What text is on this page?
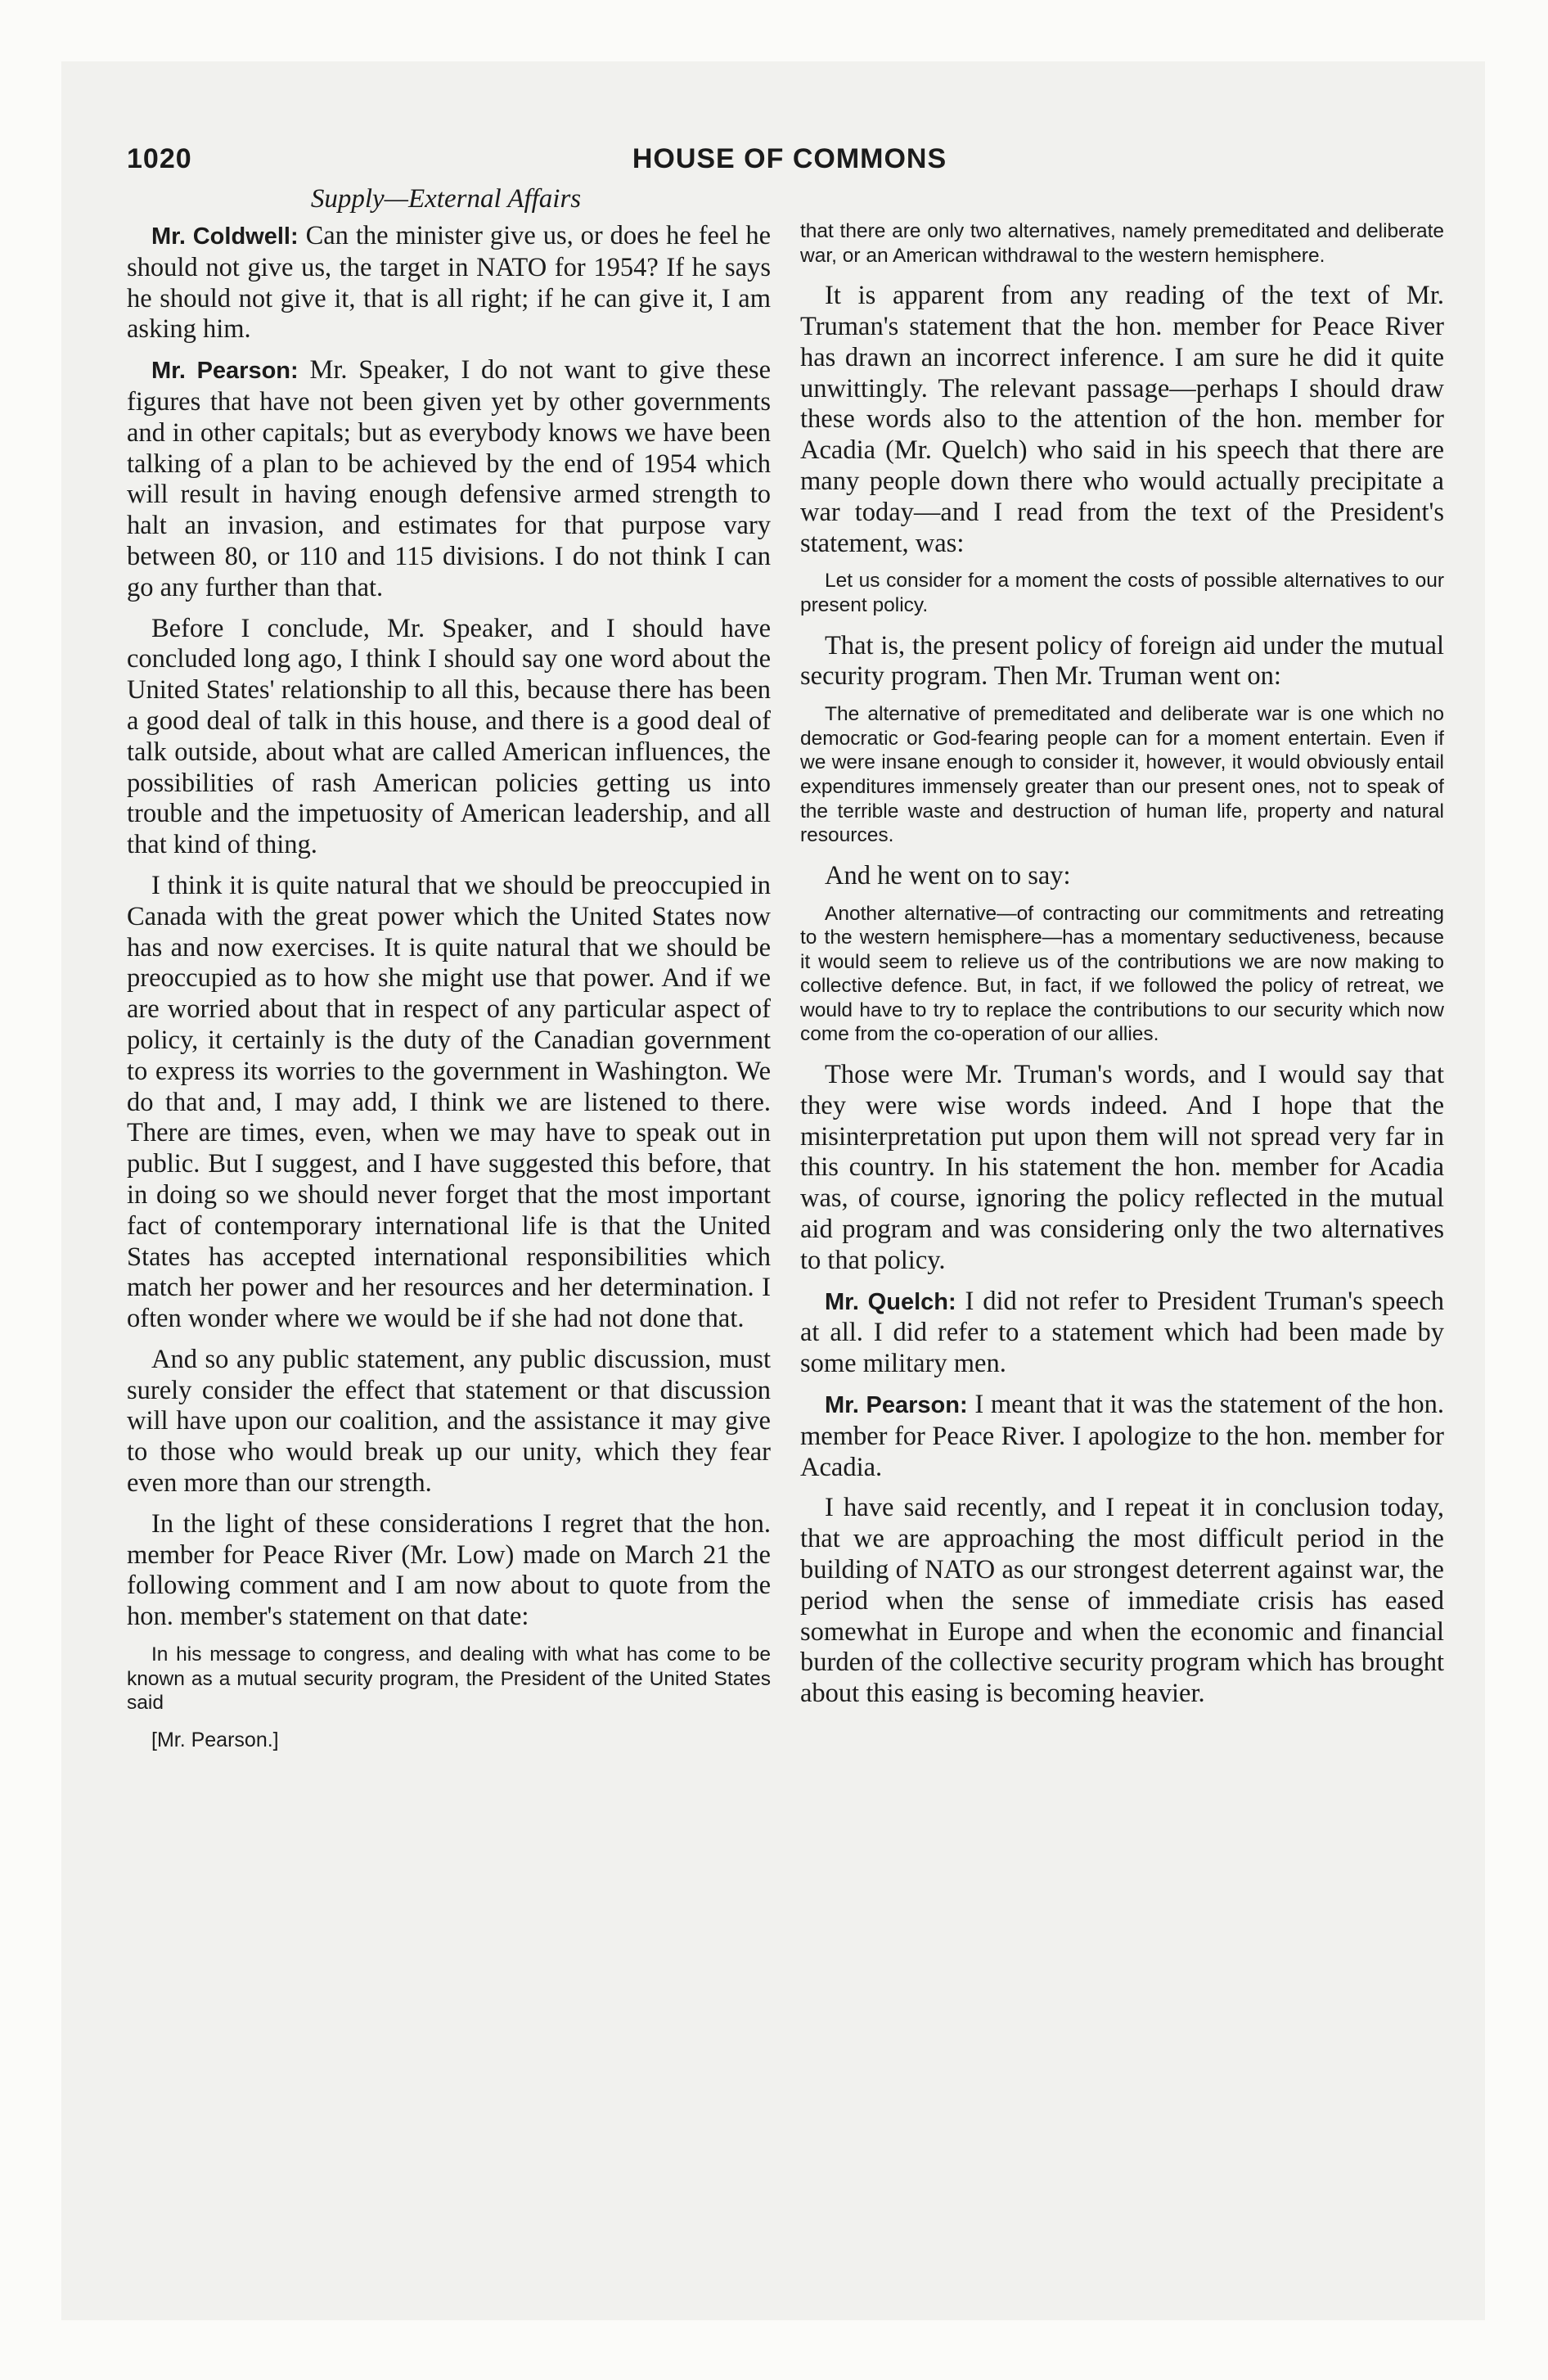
1020	HOUSE OF COMMONS
Supply—External Affairs

Mr. Coldwell: Can the minister give us, or does he feel he should not give us, the target in NATO for 1954? If he says he should not give it, that is all right; if he can give it, I am asking him.

Mr. Pearson: Mr. Speaker, I do not want to give these figures that have not been given yet by other governments and in other capitals; but as everybody knows we have been talking of a plan to be achieved by the end of 1954 which will result in having enough defensive armed strength to halt an invasion, and estimates for that purpose vary between 80, or 110 and 115 divisions. I do not think I can go any further than that.

Before I conclude, Mr. Speaker, and I should have concluded long ago, I think I should say one word about the United States' relationship to all this, because there has been a good deal of talk in this house, and there is a good deal of talk outside, about what are called American influences, the possibilities of rash American policies getting us into trouble and the impetuosity of American leadership, and all that kind of thing.

I think it is quite natural that we should be preoccupied in Canada with the great power which the United States now has and now exercises. It is quite natural that we should be preoccupied as to how she might use that power. And if we are worried about that in respect of any particular aspect of policy, it certainly is the duty of the Canadian government to express its worries to the government in Washington. We do that and, I may add, I think we are listened to there. There are times, even, when we may have to speak out in public. But I suggest, and I have suggested this before, that in doing so we should never forget that the most important fact of contemporary international life is that the United States has accepted international responsibilities which match her power and her resources and her determination. I often wonder where we would be if she had not done that.

And so any public statement, any public discussion, must surely consider the effect that statement or that discussion will have upon our coalition, and the assistance it may give to those who would break up our unity, which they fear even more than our strength.

In the light of these considerations I regret that the hon. member for Peace River (Mr. Low) made on March 21 the following comment and I am now about to quote from the hon. member's statement on that date:

In his message to congress, and dealing with what has come to be known as a mutual security program, the President of the United States said

[Mr. Pearson.]

that there are only two alternatives, namely premeditated and deliberate war, or an American withdrawal to the western hemisphere.

It is apparent from any reading of the text of Mr. Truman's statement that the hon. member for Peace River has drawn an incorrect inference. I am sure he did it quite unwittingly. The relevant passage—perhaps I should draw these words also to the attention of the hon. member for Acadia (Mr. Quelch) who said in his speech that there are many people down there who would actually precipitate a war today—and I read from the text of the President's statement, was:

Let us consider for a moment the costs of possible alternatives to our present policy.

That is, the present policy of foreign aid under the mutual security program. Then Mr. Truman went on:

The alternative of premeditated and deliberate war is one which no democratic or God-fearing people can for a moment entertain. Even if we were insane enough to consider it, however, it would obviously entail expenditures immensely greater than our present ones, not to speak of the terrible waste and destruction of human life, property and natural resources.

And he went on to say:

Another alternative—of contracting our commitments and retreating to the western hemisphere—has a momentary seductiveness, because it would seem to relieve us of the contributions we are now making to collective defence. But, in fact, if we followed the policy of retreat, we would have to try to replace the contributions to our security which now come from the co-operation of our allies.

Those were Mr. Truman's words, and I would say that they were wise words indeed. And I hope that the misinterpretation put upon them will not spread very far in this country. In his statement the hon. member for Acadia was, of course, ignoring the policy reflected in the mutual aid program and was considering only the two alternatives to that policy.

Mr. Quelch: I did not refer to President Truman's speech at all. I did refer to a statement which had been made by some military men.

Mr. Pearson: I meant that it was the statement of the hon. member for Peace River. I apologize to the hon. member for Acadia.

I have said recently, and I repeat it in conclusion today, that we are approaching the most difficult period in the building of NATO as our strongest deterrent against war, the period when the sense of immediate crisis has eased somewhat in Europe and when the economic and financial burden of the collective security program which has brought about this easing is becoming heavier.
